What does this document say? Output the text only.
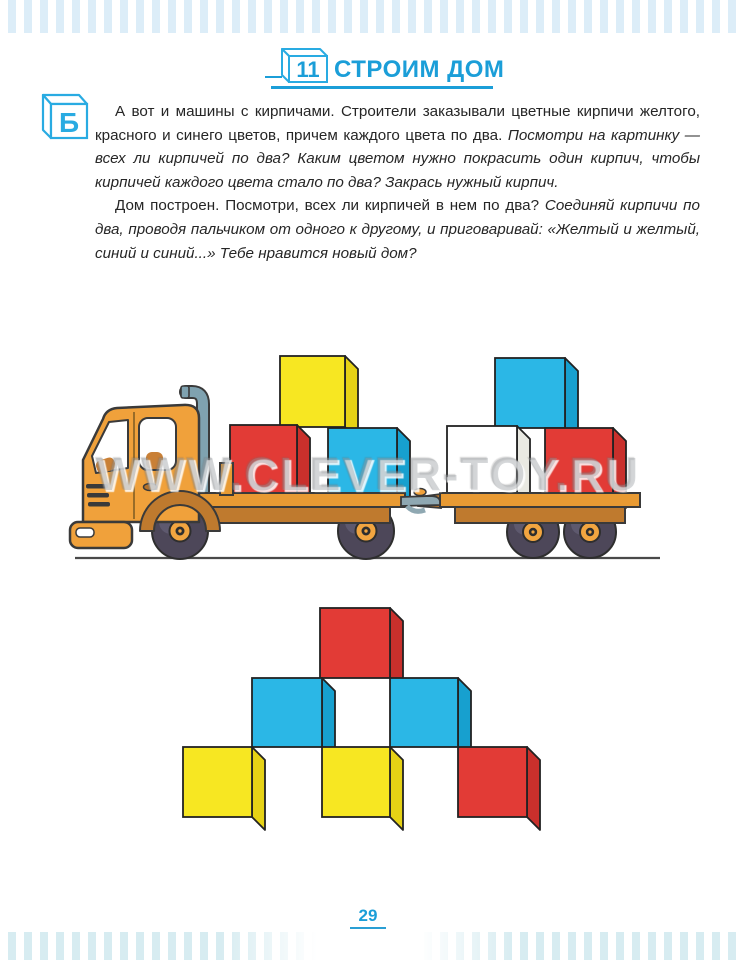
11 СТРОИМ ДОМ
Б	А вот и машины с кирпичами. Строители заказывали цветные кирпичи желтого, красного и синего цветов, причем каждого цвета по два. Посмотри на картинку — всех ли кирпичей по два? Каким цветом нужно покрасить один кирпич, чтобы кирпичей каждого цвета стало по два? Закрась нужный кирпич.

Дом построен. Посмотри, всех ли кирпичей в нем по два? Соединяй кирпичи по два, проводя пальчиком от одного к другому, и приговаривай: «Желтый и желтый, синий и синий...» Тебе нравится новый дом?

WWW.CLEVER-TOY.RU
29
